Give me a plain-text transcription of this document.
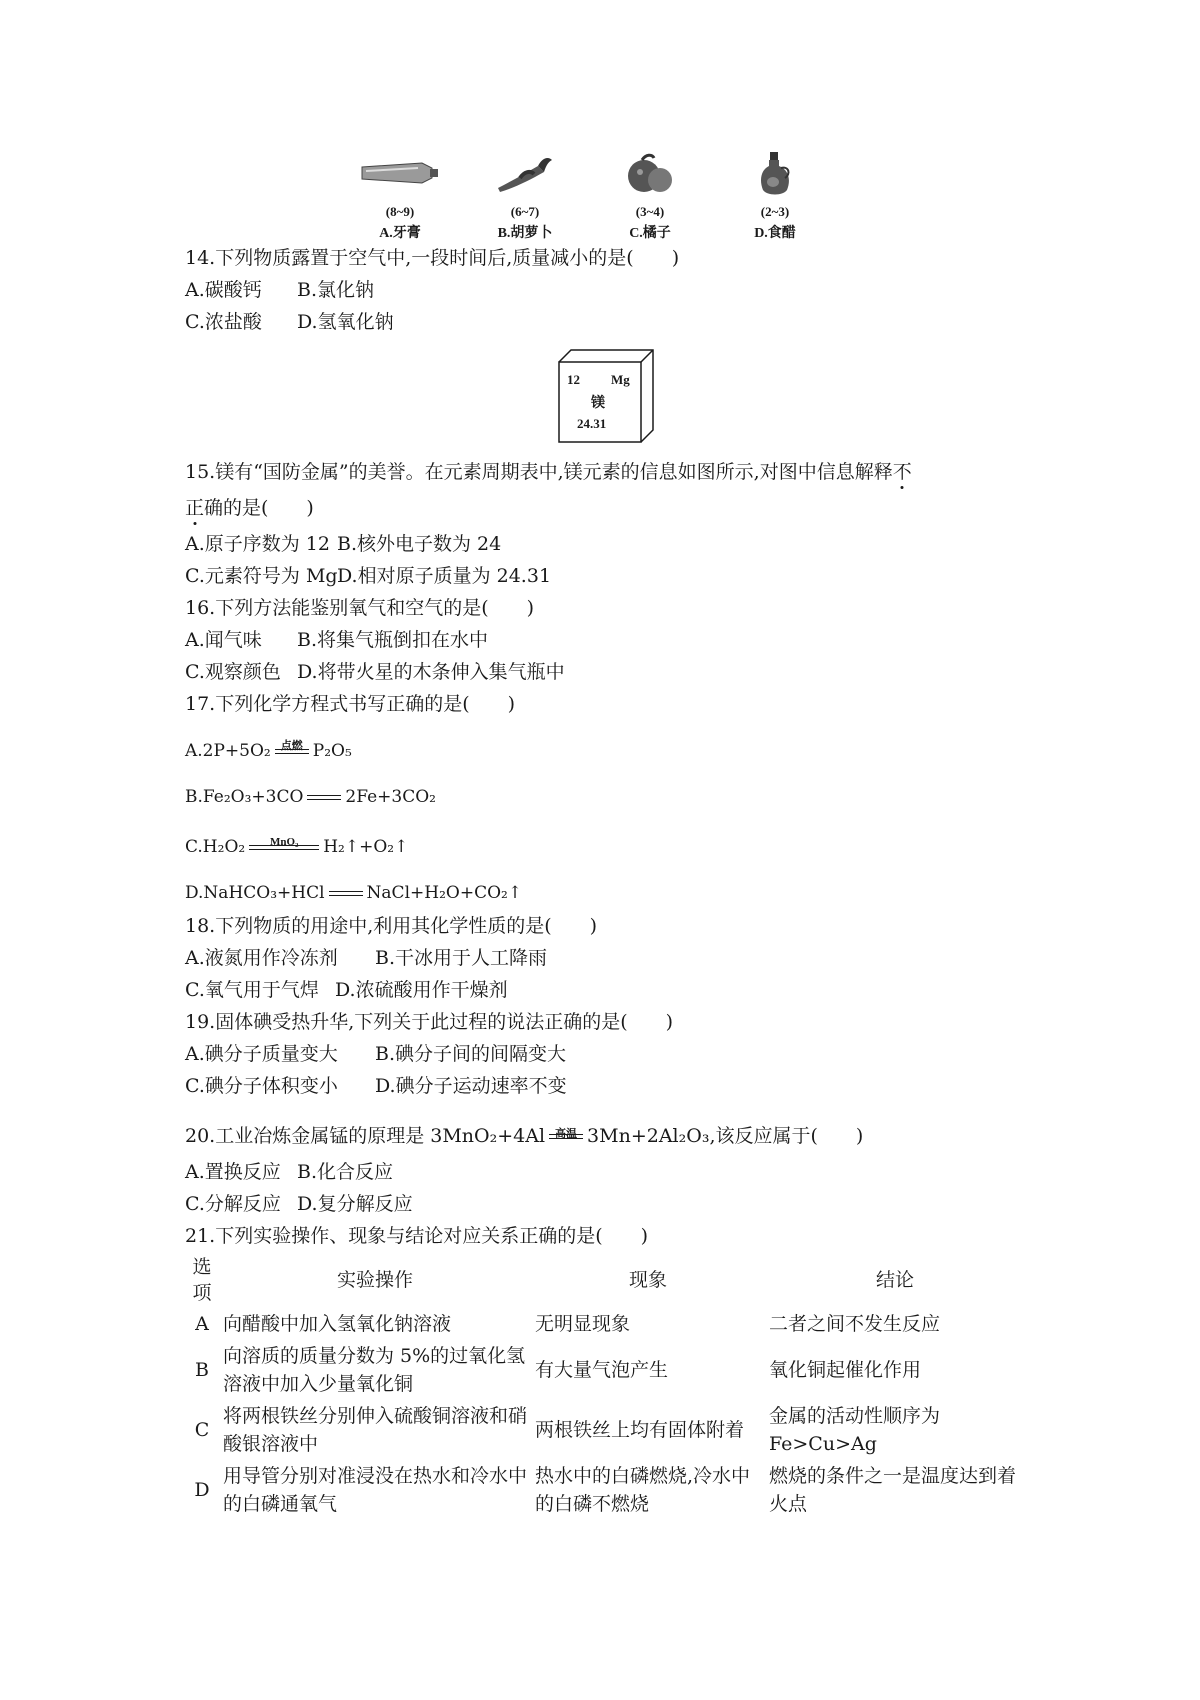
(8~9)
A.牙膏
(6~7)
B.胡萝卜
(3~4)
C.橘子
(2~3)
D.食醋
14.下列物质露置于空气中,一段时间后,质量减小的是(　　)
A.碳酸钙 B.氯化钠
C.浓盐酸 D.氢氧化钠
12 Mg
镁
24.31
15.镁有“国防金属”的美誉。在元素周期表中,镁元素的信息如图所示,对图中信息解释不
正确的是(　　)
A.原子序数为 12 B.核外电子数为 24
C.元素符号为 MgD.相对原子质量为 24.31
16.下列方法能鉴别氧气和空气的是(　　)
A.闻气味 B.将集气瓶倒扣在水中
C.观察颜色 D.将带火星的木条伸入集气瓶中
17.下列化学方程式书写正确的是(　　)
A.2P+5O₂ 点燃 P₂O₅
B.Fe₂O₃+3CO 2Fe+3CO₂
C.H₂O₂	MnO₂	H₂↑+O₂↑
D.NaHCO₃+HCl NaCl+H₂O+CO₂↑
18.下列物质的用途中,利用其化学性质的是(　　)
A.液氮用作冷冻剂 B.干冰用于人工降雨
C.氧气用于气焊 D.浓硫酸用作干燥剂
19.固体碘受热升华,下列关于此过程的说法正确的是(　　)
A.碘分子质量变大 B.碘分子间的间隔变大
C.碘分子体积变小 D.碘分子运动速率不变
20.工业冶炼金属锰的原理是 3MnO₂+4Al 高温 3Mn+2Al₂O₃,该反应属于(　　)
A.置换反应 B.化合反应
C.分解反应 D.复分解反应
21.下列实验操作、现象与结论对应关系正确的是(　　)
选项	实验操作	现象	结论
A	向醋酸中加入氢氧化钠溶液	无明显现象	二者之间不发生反应
B	向溶质的质量分数为 5%的过氧化氢溶液中加入少量氧化铜	有大量气泡产生	氧化铜起催化作用
C	将两根铁丝分别伸入硫酸铜溶液和硝酸银溶液中	两根铁丝上均有固体附着	金属的活动性顺序为 Fe>Cu>Ag
D	用导管分别对准浸没在热水和冷水中的白磷通氧气	热水中的白磷燃烧,冷水中的白磷不燃烧	燃烧的条件之一是温度达到着火点
